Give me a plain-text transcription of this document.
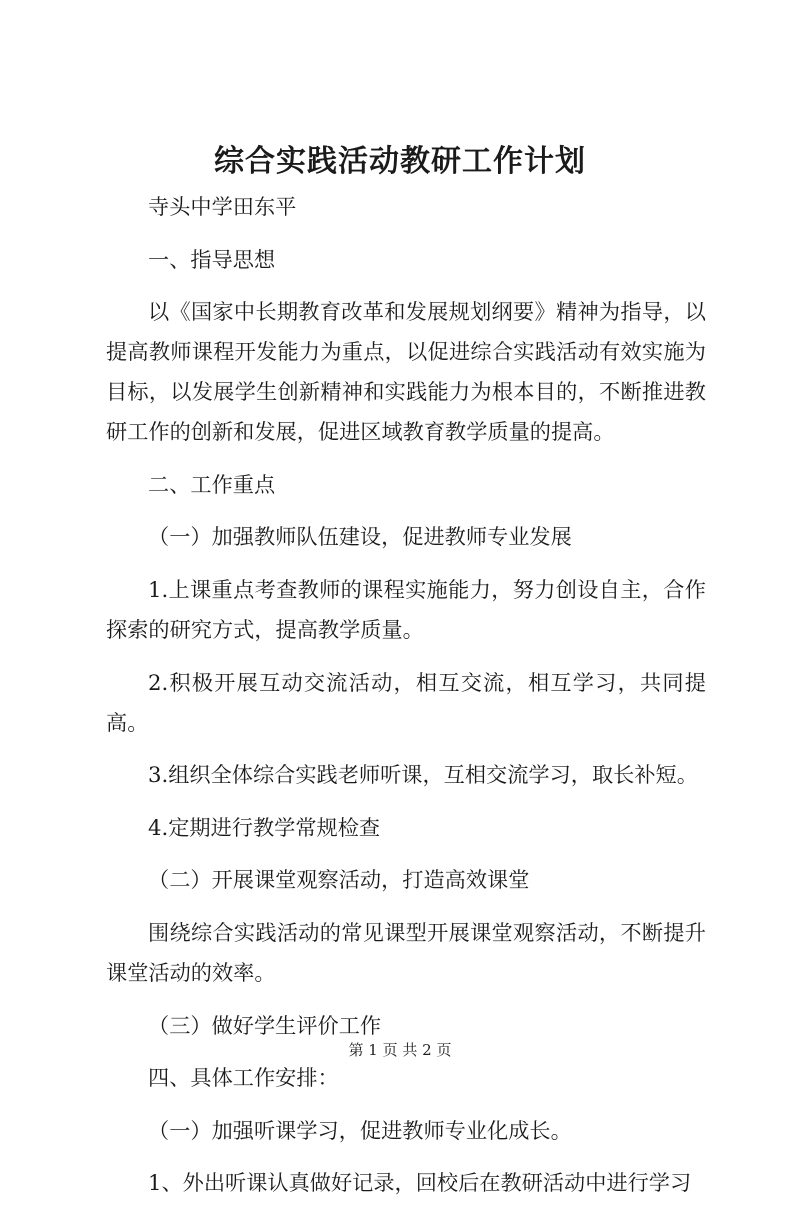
综合实践活动教研工作计划

寺头中学田东平

一、指导思想

以《国家中长期教育改革和发展规划纲要》精神为指导，以提高教师课程开发能力为重点，以促进综合实践活动有效实施为目标，以发展学生创新精神和实践能力为根本目的，不断推进教研工作的创新和发展，促进区域教育教学质量的提高。

二、工作重点

（一）加强教师队伍建设，促进教师专业发展

1.上课重点考查教师的课程实施能力，努力创设自主，合作探索的研究方式，提高教学质量。

2.积极开展互动交流活动，相互交流，相互学习，共同提高。

3.组织全体综合实践老师听课，互相交流学习，取长补短。

4.定期进行教学常规检查

（二）开展课堂观察活动，打造高效课堂

围绕综合实践活动的常见课型开展课堂观察活动，不断提升课堂活动的效率。

（三）做好学生评价工作

四、具体工作安排：

（一）加强听课学习，促进教师专业化成长。

1、外出听课认真做好记录，回校后在教研活动中进行学习

第 1 页 共 2 页
